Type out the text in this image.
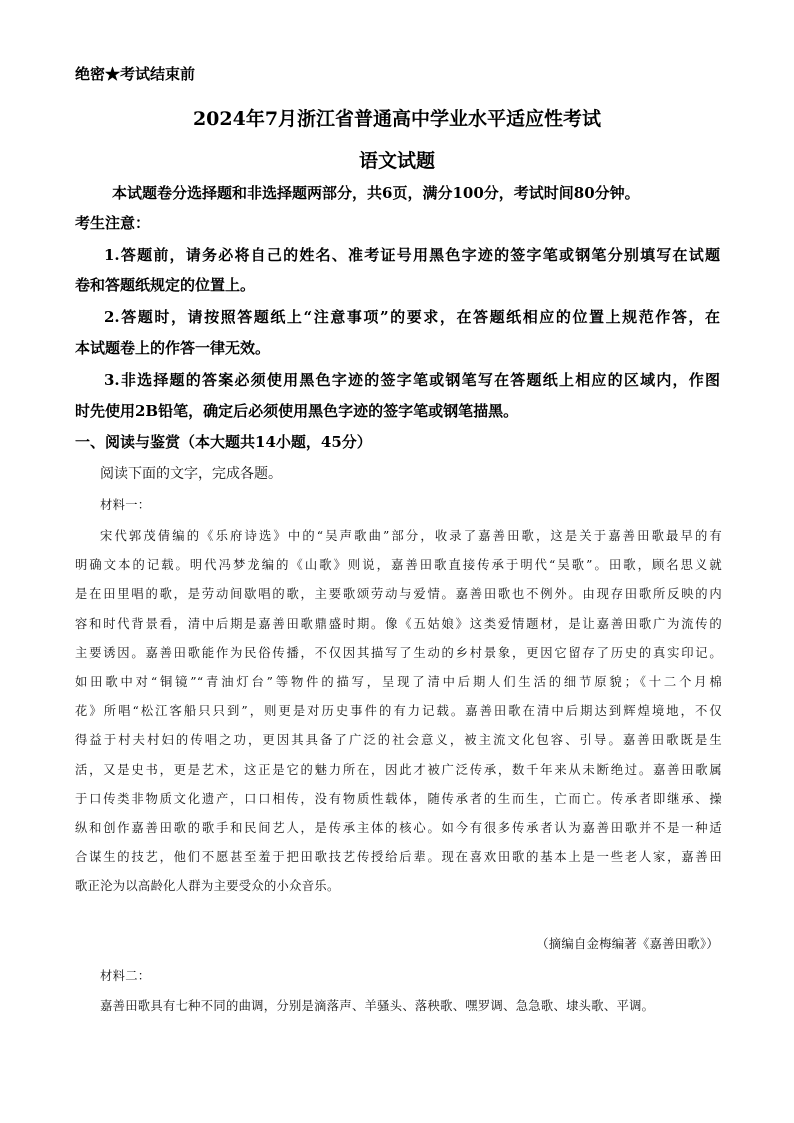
绝密★考试结束前
2024年7月浙江省普通高中学业水平适应性考试
语文试题
本试题卷分选择题和非选择题两部分，共6页，满分100分，考试时间80分钟。
考生注意：
1.答题前，请务必将自己的姓名、准考证号用黑色字迹的签字笔或钢笔分别填写在试题
卷和答题纸规定的位置上。
2.答题时，请按照答题纸上“注意事项”的要求，在答题纸相应的位置上规范作答，在
本试题卷上的作答一律无效。
3.非选择题的答案必须使用黑色字迹的签字笔或钢笔写在答题纸上相应的区域内，作图
时先使用2B铅笔，确定后必须使用黑色字迹的签字笔或钢笔描黑。
一、阅读与鉴赏（本大题共14小题，45分）
阅读下面的文字，完成各题。
材料一：
宋代郭茂倩编的《乐府诗选》中的“吴声歌曲”部分，收录了嘉善田歌，这是关于嘉善田歌最早的有
明确文本的记载。明代冯梦龙编的《山歌》则说，嘉善田歌直接传承于明代“吴歌”。田歌，顾名思义就
是在田里唱的歌，是劳动间歇唱的歌，主要歌颂劳动与爱情。嘉善田歌也不例外。由现存田歌所反映的内
容和时代背景看，清中后期是嘉善田歌鼎盛时期。像《五姑娘》这类爱情题材，是让嘉善田歌广为流传的
主要诱因。嘉善田歌能作为民俗传播，不仅因其描写了生动的乡村景象，更因它留存了历史的真实印记。
如田歌中对“铜镜”“青油灯台”等物件的描写，呈现了清中后期人们生活的细节原貌；《十二个月棉
花》所唱“松江客船只只到”，则更是对历史事件的有力记载。嘉善田歌在清中后期达到辉煌境地，不仅
得益于村夫村妇的传唱之功，更因其具备了广泛的社会意义，被主流文化包容、引导。嘉善田歌既是生
活，又是史书，更是艺术，这正是它的魅力所在，因此才被广泛传承，数千年来从未断绝过。嘉善田歌属
于口传类非物质文化遗产，口口相传，没有物质性载体，随传承者的生而生，亡而亡。传承者即继承、操
纵和创作嘉善田歌的歌手和民间艺人，是传承主体的核心。如今有很多传承者认为嘉善田歌并不是一种适
合谋生的技艺，他们不愿甚至羞于把田歌技艺传授给后辈。现在喜欢田歌的基本上是一些老人家，嘉善田
歌正沦为以高龄化人群为主要受众的小众音乐。
（摘编自金梅编著《嘉善田歌》）
材料二：
嘉善田歌具有七种不同的曲调，分别是滴落声、羊骚头、落秧歌、嘿罗调、急急歌、埭头歌、平调。
